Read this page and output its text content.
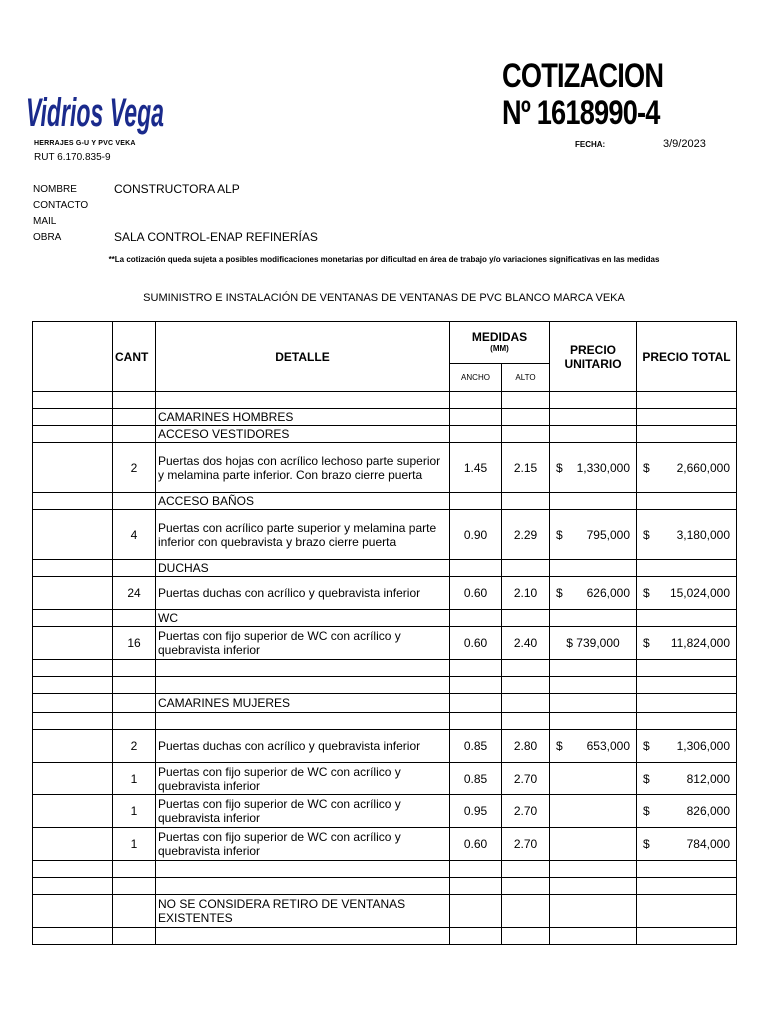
Vidrios Vega
HERRAJES G-U Y PVC VEKA
RUT 6.170.835-9
COTIZACION
Nº 1618990-4
FECHA:	3/9/2023
NOMBRE	CONSTRUCTORA ALP
CONTACTO
MAIL
OBRA	SALA CONTROL-ENAP REFINERÍAS
**La cotización queda sujeta a posibles modificaciones monetarias por dificultad en área de trabajo y/o variaciones significativas en las medidas
SUMINISTRO E INSTALACIÓN DE VENTANAS DE VENTANAS DE PVC BLANCO MARCA VEKA
	CANT	DETALLE	MEDIDAS
(MM)		PRECIO UNITARIO	PRECIO TOTAL
			ANCHO	ALTO		

		CAMARINES HOMBRES			

		ACCESO VESTIDORES			

	2	Puertas dos hojas con acrílico lechoso parte superior y melamina parte inferior. Con brazo cierre puerta	1.45	2.15	$ 1,330,000	$ 2,660,000

		ACCESO BAÑOS			

	4	Puertas con acrílico parte superior y melamina parte inferior con quebravista y brazo cierre puerta	0.90	2.29	$ 795,000	$ 3,180,000

		DUCHAS			

	24	Puertas duchas con acrílico y quebravista inferior	0.60	2.10	$ 626,000	$ 15,024,000

		WC			

	16	Puertas con fijo superior de WC con acrílico y quebravista inferior	0.60	2.40	$ 739,000	$ 11,824,000

		CAMARINES MUJERES			

	2	Puertas duchas con acrílico y quebravista inferior	0.85	2.80	$ 653,000	$ 1,306,000

	1	Puertas con fijo superior de WC con acrílico y quebravista inferior	0.85	2.70		$ 812,000

	1	Puertas con fijo superior de WC con acrílico y quebravista inferior	0.95	2.70		$ 826,000

	1	Puertas con fijo superior de WC con acrílico y quebravista inferior	0.60	2.70		$ 784,000

		NO SE CONSIDERA RETIRO DE VENTANAS EXISTENTES			
